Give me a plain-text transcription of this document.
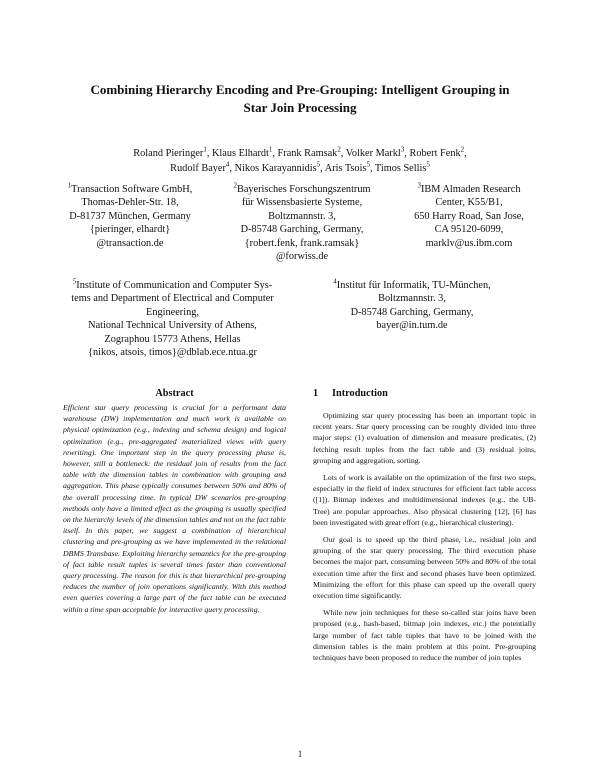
Combining Hierarchy Encoding and Pre-Grouping: Intelligent Grouping in
Star Join Processing
Roland Pieringer$^1$, Klaus Elhardt$^1$, Frank Ramsak$^2$, Volker Markl$^3$, Robert Fenk$^2$,
Rudolf Bayer$^4$, Nikos Karayannidis$^5$, Aris Tsois$^5$, Timos Sellis$^5$
$^1$Transaction Software GmbH,
Thomas-Dehler-Str. 18,
D-81737 München, Germany
{pieringer, elhardt}
@transaction.de
$^2$Bayerisches Forschungszentrum
für Wissensbasierte Systeme,
Boltzmannstr. 3,
D-85748 Garching, Germany,
{robert.fenk, frank.ramsak}
@forwiss.de
$^3$IBM Almaden Research
Center, K55/B1,
650 Harry Road, San Jose,
CA 95120-6099,
marklv@us.ibm.com
$^5$Institute of Communication and Computer Sys-
tems and Department of Electrical and Computer
Engineering,
National Technical University of Athens,
Zographou 15773 Athens, Hellas
{nikos, atsois, timos}@dblab.ece.ntua.gr
$^4$Institut für Informatik, TU-München,
Boltzmannstr. 3,
D-85748 Garching, Germany,
bayer@in.tum.de
Abstract
Efficient star query processing is crucial for a performant data warehouse (DW) implementation and much work is available on physical optimization (e.g., indexing and schema design) and logical optimization (e.g., pre-aggregated materialized views with query rewriting). One important step in the query processing phase is, however, still a bottleneck: the residual join of results from the fact table with the dimension tables in combination with grouping and aggregation. This phase typically consumes between 50% and 80% of the overall processing time. In typical DW scenarios pre-grouping methods only have a limited effect as the grouping is usually specified on the hierarchy levels of the dimension tables and not on the fact table itself. In this paper, we suggest a combination of hierarchical clustering and pre-grouping as we have implemented in the relational DBMS Transbase. Exploiting hierarchy semantics for the pre-grouping of fact table result tuples is several times faster than conventional query processing. The reason for this is that hierarchical pre-grouping reduces the number of join operations significantly. With this method even queries covering a large part of the fact table can be executed within a time span acceptable for interactive query processing.
1 Introduction

Optimizing star query processing has been an important topic in recent years. Star query processing can be roughly divided into three major steps: (1) evaluation of dimension and measure predicates, (2) fetching result tuples from the fact table and (3) residual joins, grouping and aggregation, sorting.

Lots of work is available on the optimization of the first two steps, especially in the field of index structures for efficient fact table access ([1]). Bitmap indexes and multidimensional indexes (e.g., the UB-Tree) are popular approaches. Also physical clustering [12], [6] has been investigated with great effort (e.g., hierarchical clustering).

Our goal is to speed up the third phase, i.e., residual join and grouping of the star query processing. The third execution phase becomes the major part, consuming between 50% and 80% of the total execution time after the first and second phases have been optimized. Minimizing the effort for this phase can speed up the overall query execution time significantly.

While new join techniques for these so-called star joins have been proposed (e.g., hash-based, bitmap join indexes, etc.) the potentially large number of fact table tuples that have to be joined with the dimension tables is the main problem at this point. Pre-grouping techniques have been proposed to reduce the number of join tuples

1
